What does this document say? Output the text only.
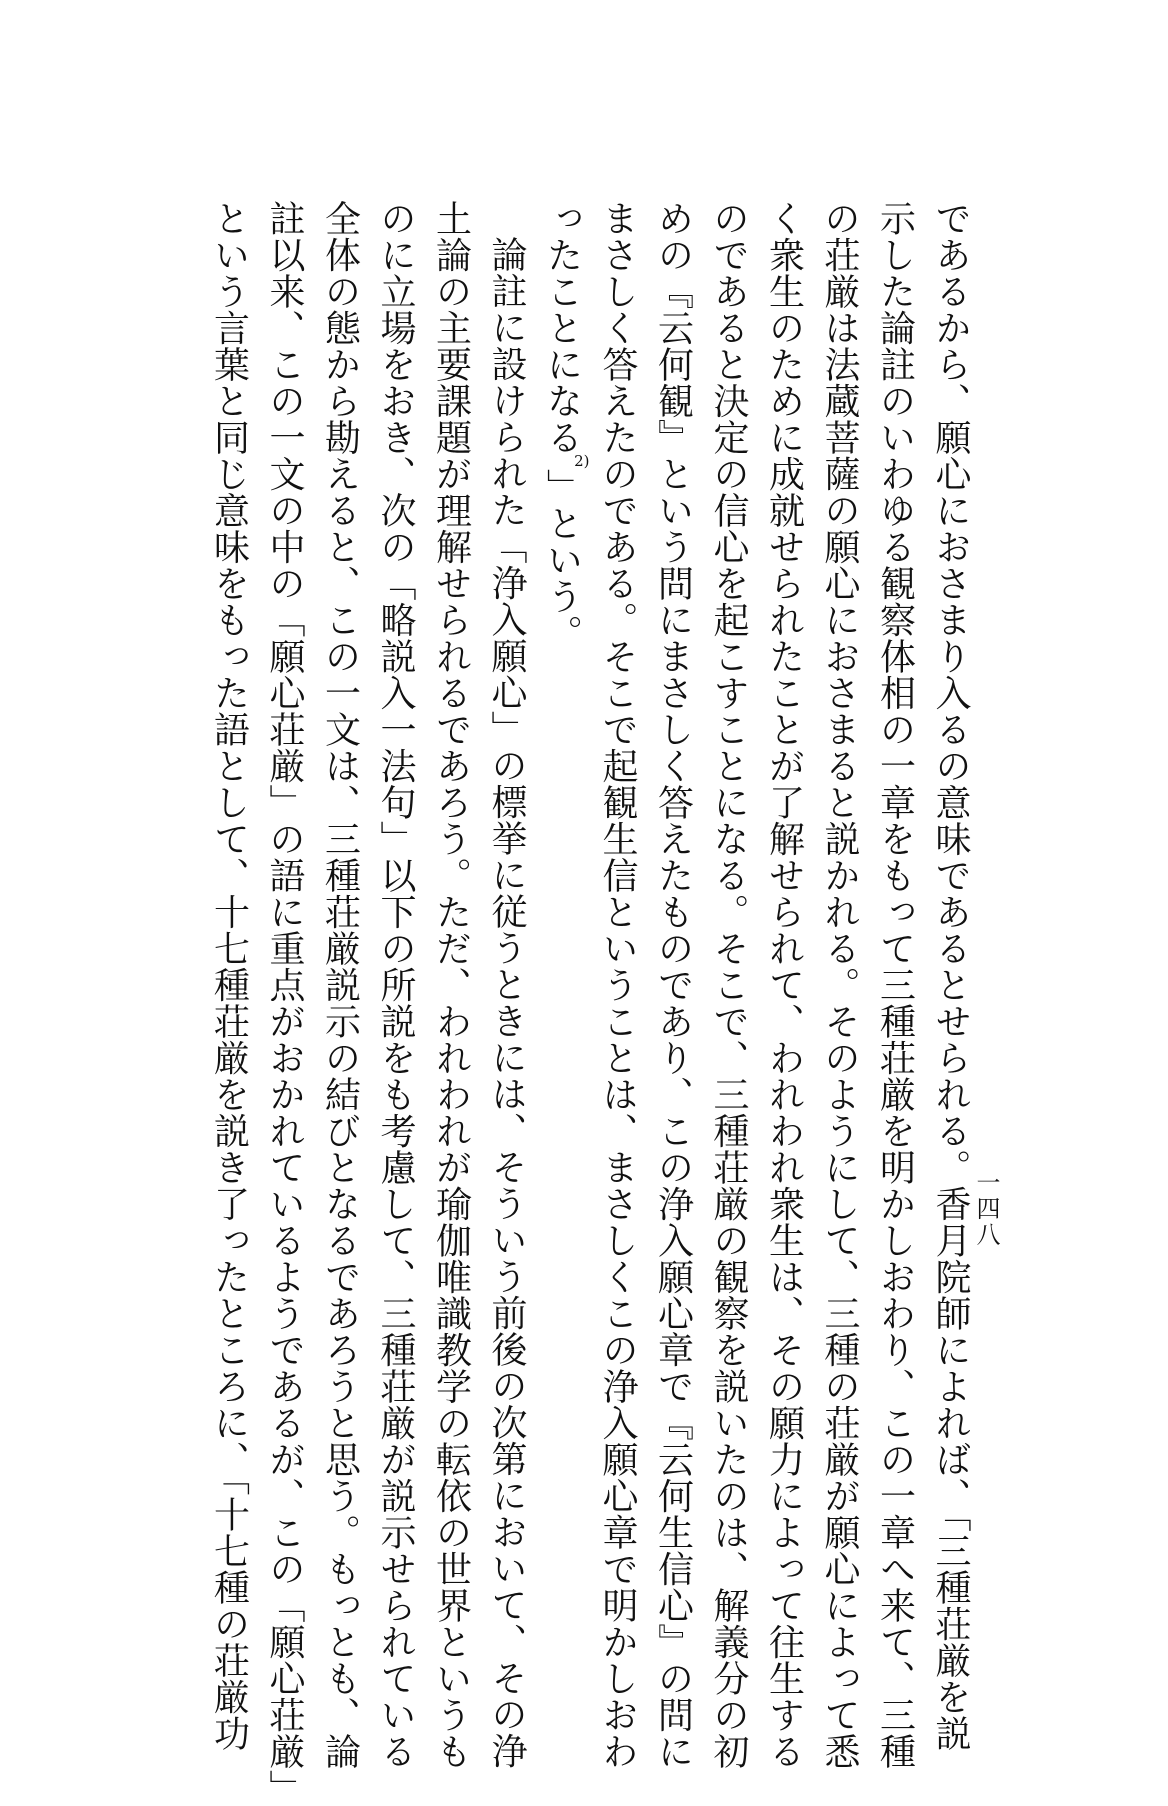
一四八
であるから、願心におさまり入るの意味であるとせられる。香月院師によれば、「三種荘厳を説
示した論註のいわゆる観察体相の一章をもって三種荘厳を明かしおわり、この一章へ来て、三種
の荘厳は法蔵菩薩の願心におさまると説かれる。そのようにして、三種の荘厳が願心によって悉
く衆生のために成就せられたことが了解せられて、われわれ衆生は、その願力によって往生する
のであると決定の信心を起こすことになる。そこで、三種荘厳の観察を説いたのは、解義分の初
めの『云何観』という問にまさしく答えたものであり、この浄入願心章で『云何生信心』の問に
まさしく答えたのである。そこで起観生信ということは、まさしくこの浄入願心章で明かしおわ
ったことになる$^{2)}$」という。
論註に設けられた「浄入願心」の標挙に従うときには、そういう前後の次第において、その浄
土論の主要課題が理解せられるであろう。ただ、われわれが瑜伽唯識教学の転依の世界というも
のに立場をおき、次の「略説入一法句」以下の所説をも考慮して、三種荘厳が説示せられている
全体の態から勘えると、この一文は、三種荘厳説示の結びとなるであろうと思う。もっとも、論
註以来、この一文の中の「願心荘厳」の語に重点がおかれているようであるが、この「願心荘厳」
という言葉と同じ意味をもった語として、十七種荘厳を説き了ったところに、「十七種の荘厳功
